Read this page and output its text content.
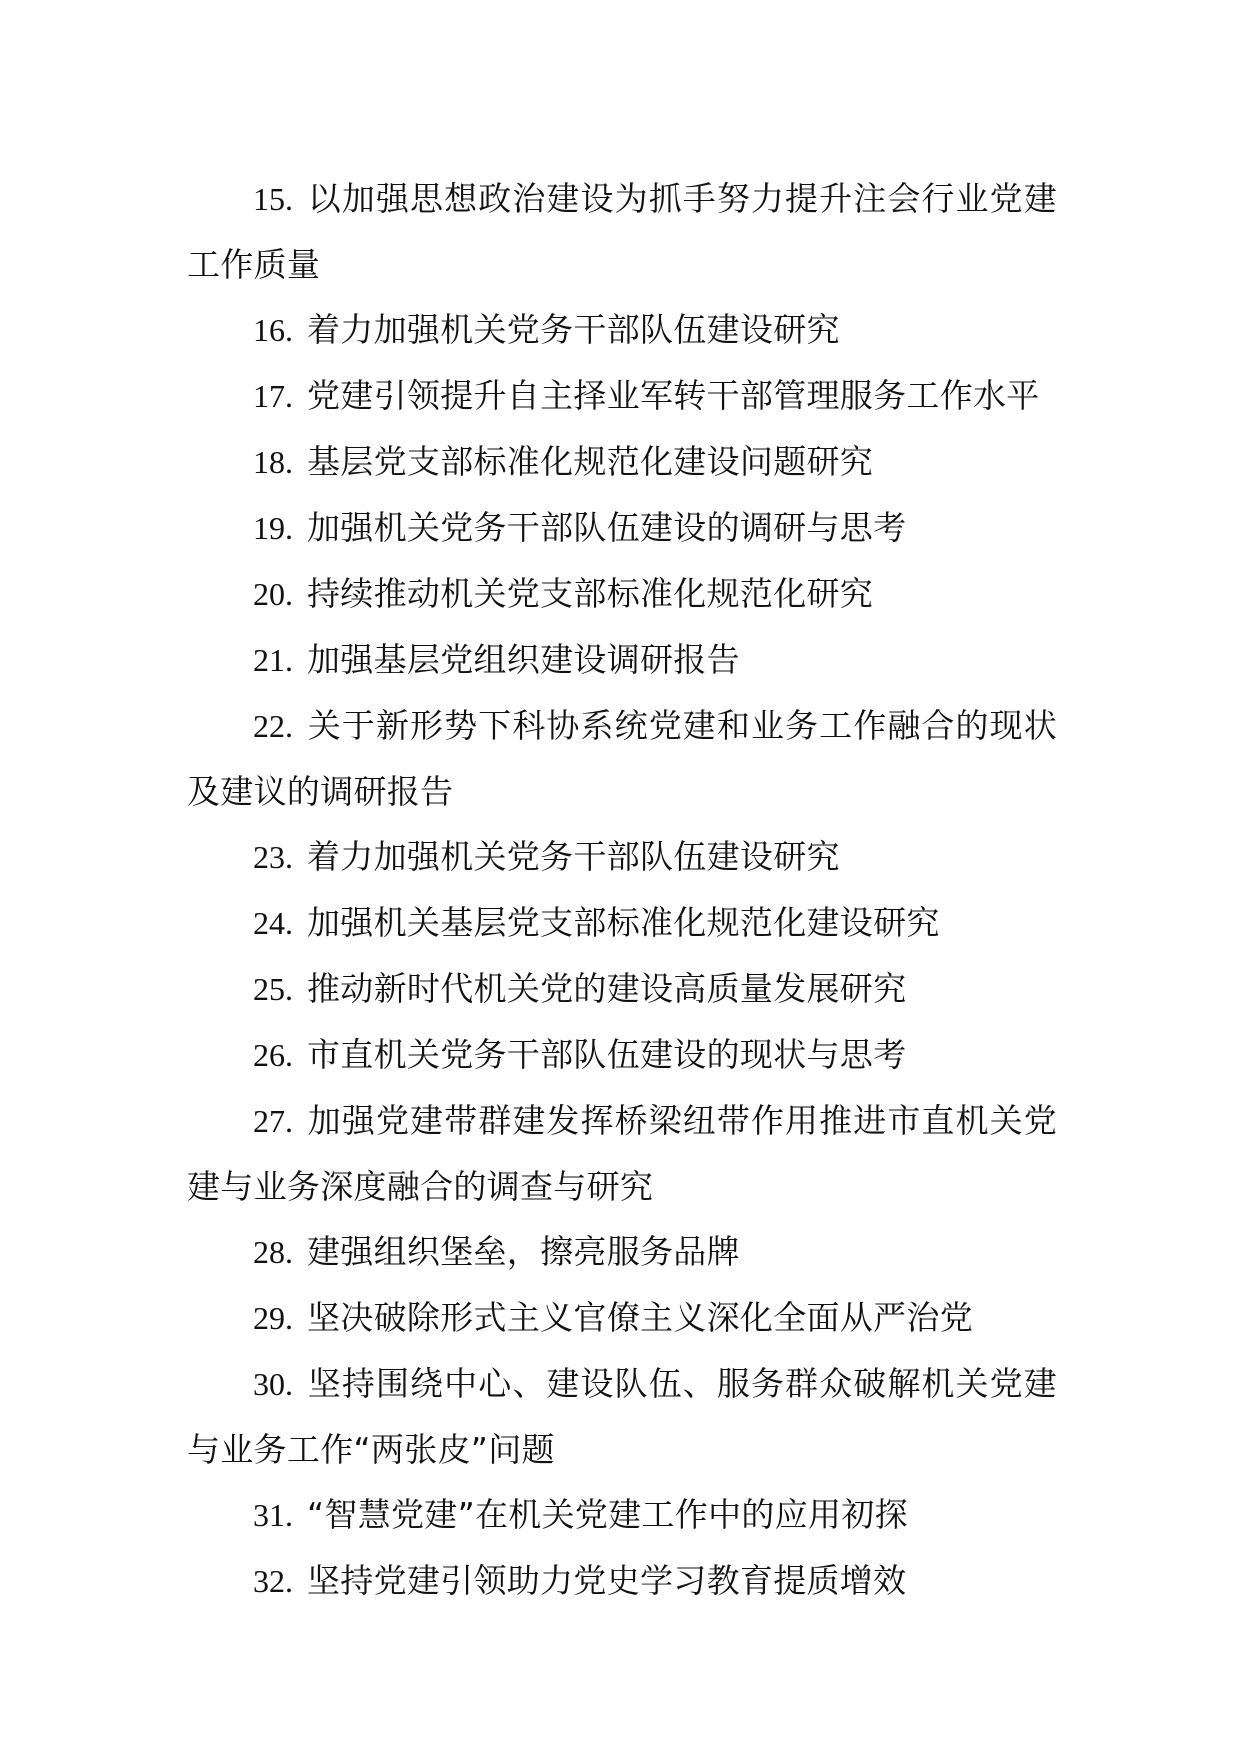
15. 以加强思想政治建设为抓手努力提升注会行业党建工作质量

16. 着力加强机关党务干部队伍建设研究

17. 党建引领提升自主择业军转干部管理服务工作水平

18. 基层党支部标准化规范化建设问题研究

19. 加强机关党务干部队伍建设的调研与思考

20. 持续推动机关党支部标准化规范化研究

21. 加强基层党组织建设调研报告

22. 关于新形势下科协系统党建和业务工作融合的现状及建议的调研报告

23. 着力加强机关党务干部队伍建设研究

24. 加强机关基层党支部标准化规范化建设研究

25. 推动新时代机关党的建设高质量发展研究

26. 市直机关党务干部队伍建设的现状与思考

27. 加强党建带群建发挥桥梁纽带作用推进市直机关党建与业务深度融合的调查与研究

28. 建强组织堡垒，擦亮服务品牌

29. 坚决破除形式主义官僚主义深化全面从严治党

30. 坚持围绕中心、建设队伍、服务群众破解机关党建与业务工作“两张皮”问题

31. “智慧党建”在机关党建工作中的应用初探

32. 坚持党建引领助力党史学习教育提质增效
